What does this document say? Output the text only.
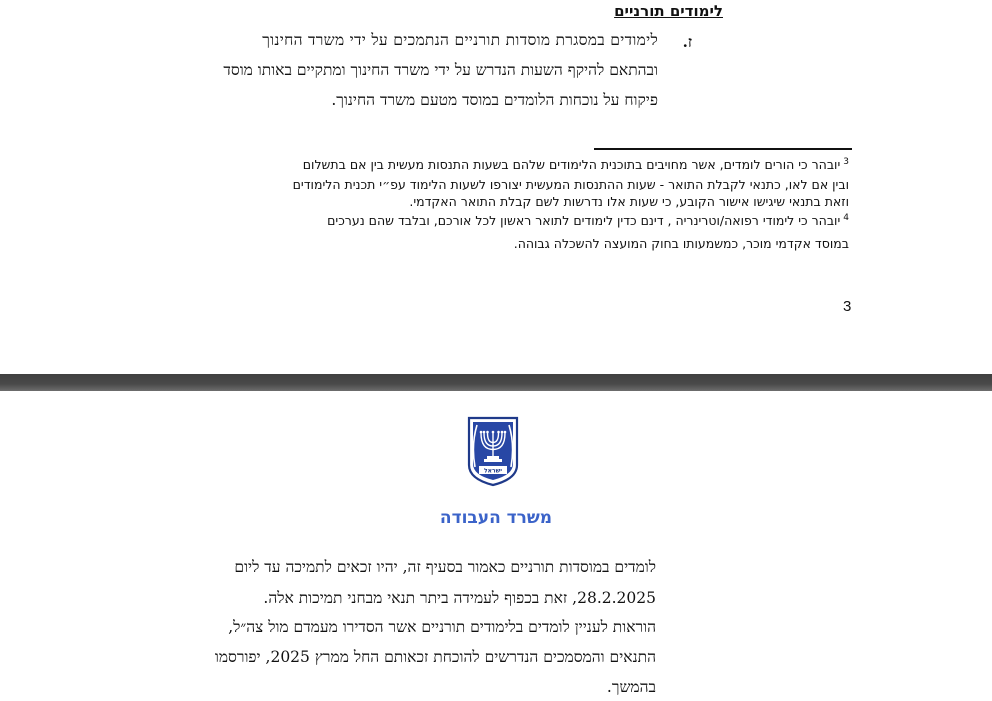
לימודים תורניים
ז.
לימודים במסגרת מוסדות תורניים הנתמכים על ידי משרד החינוך
ובהתאם להיקף השעות הנדרש על ידי משרד החינוך ומתקיים באותו מוסד
פיקוח על נוכחות הלומדים במוסד מטעם משרד החינוך.
$^3$יובהר כי הורים לומדים, אשר מחויבים בתוכנית הלימודים שלהם בשעות התנסות מעשית בין אם בתשלום
ובין אם לאו, כתנאי לקבלת התואר - שעות ההתנסות המעשית יצורפו לשעות הלימוד עפ״י תכנית הלימודים
וזאת בתנאי שיגישו אישור הקובע, כי שעות אלו נדרשות לשם קבלת התואר האקדמי.
$^4$יובהר כי לימודי רפואה/וטרינריה , דינם כדין לימודים לתואר ראשון לכל אורכם, ובלבד שהם נערכים
במוסד אקדמי מוכר, כמשמעותו בחוק המועצה להשכלה גבוהה.
3
ישראל
משרד העבודה
לומדים במוסדות תורניים כאמור בסעיף זה, יהיו זכאים לתמיכה עד ליום
28.2.2025, זאת בכפוף לעמידה ביתר תנאי מבחני תמיכות אלה.
הוראות לעניין לומדים בלימודים תורניים אשר הסדירו מעמדם מול צה״ל,
התנאים והמסמכים הנדרשים להוכחת זכאותם החל ממרץ 2025, יפורסמו
בהמשך.
